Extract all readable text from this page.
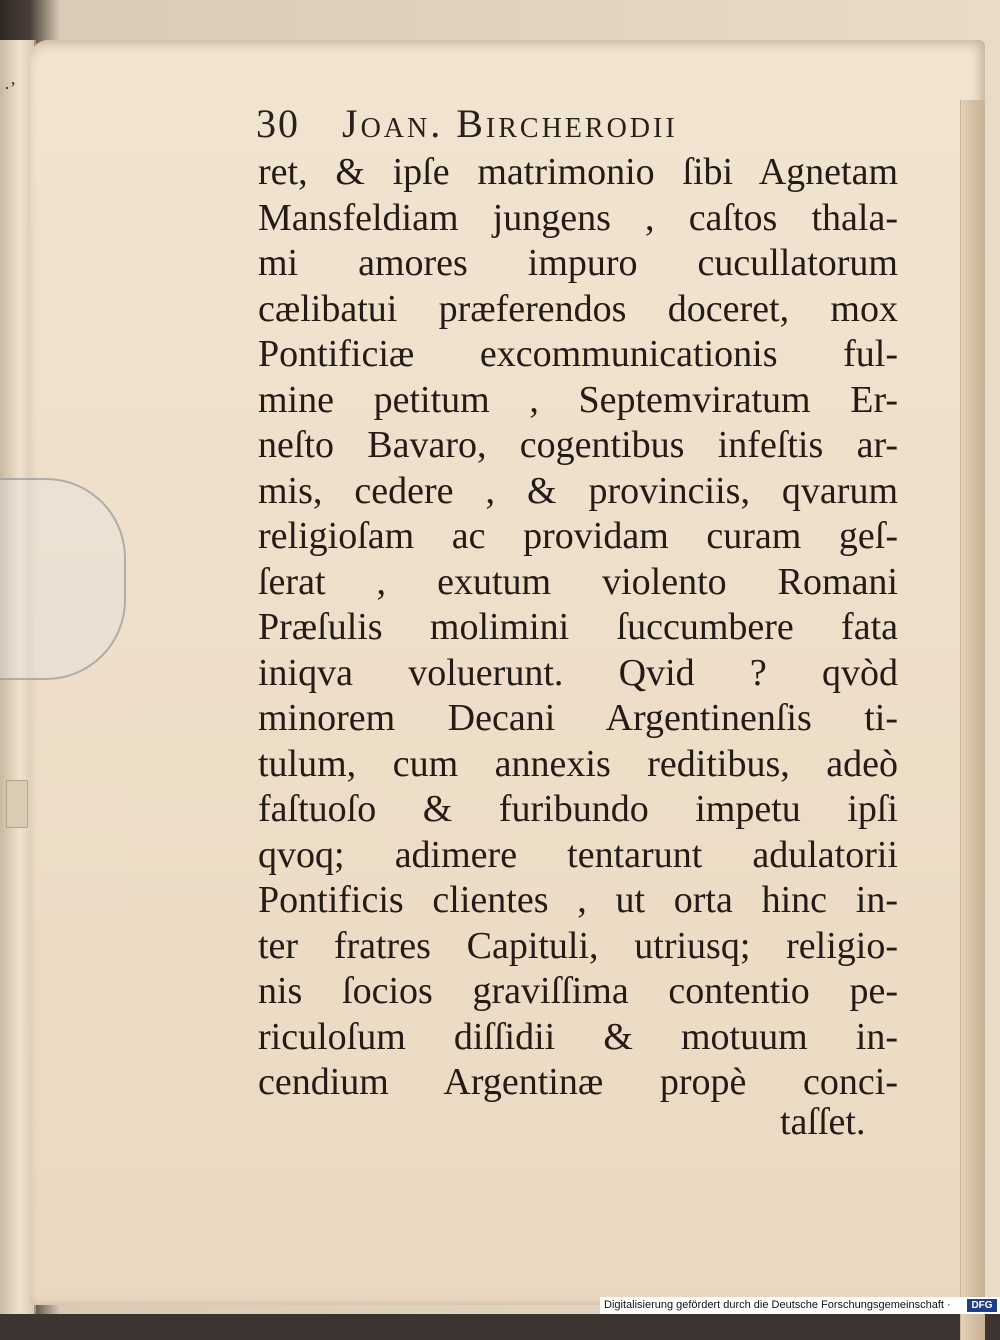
·ʼ
30 Joan. Bircherodii
ret, & ipſe matrimonio ſibi Agnetam
Mansfeldiam jungens , caſtos thala-
mi amores impuro cucullatorum
cælibatui præferendos doceret, mox
Pontificiæ excommunicationis ful-
mine petitum , Septemviratum Er-
neſto Bavaro, cogentibus infeſtis ar-
mis, cedere , & provinciis, qvarum
religioſam ac providam curam geſ-
ſerat , exutum violento Romani
Præſulis molimini ſuccumbere fata
iniqva voluerunt. Qvid ? qvòd
minorem Decani Argentinenſis ti-
tulum, cum annexis reditibus, adeò
faſtuoſo & furibundo impetu ipſi
qvoq; adimere tentarunt adulatorii
Pontificis clientes , ut orta hinc in-
ter fratres Capituli, utriusq; religio-
nis ſocios graviſſima contentio pe-
riculoſum diſſidii & motuum in-
cendium Argentinæ propè conci-
taſſet.
Digitalisierung gefördert durch die Deutsche Forschungsgemeinschaft ·	DFG
